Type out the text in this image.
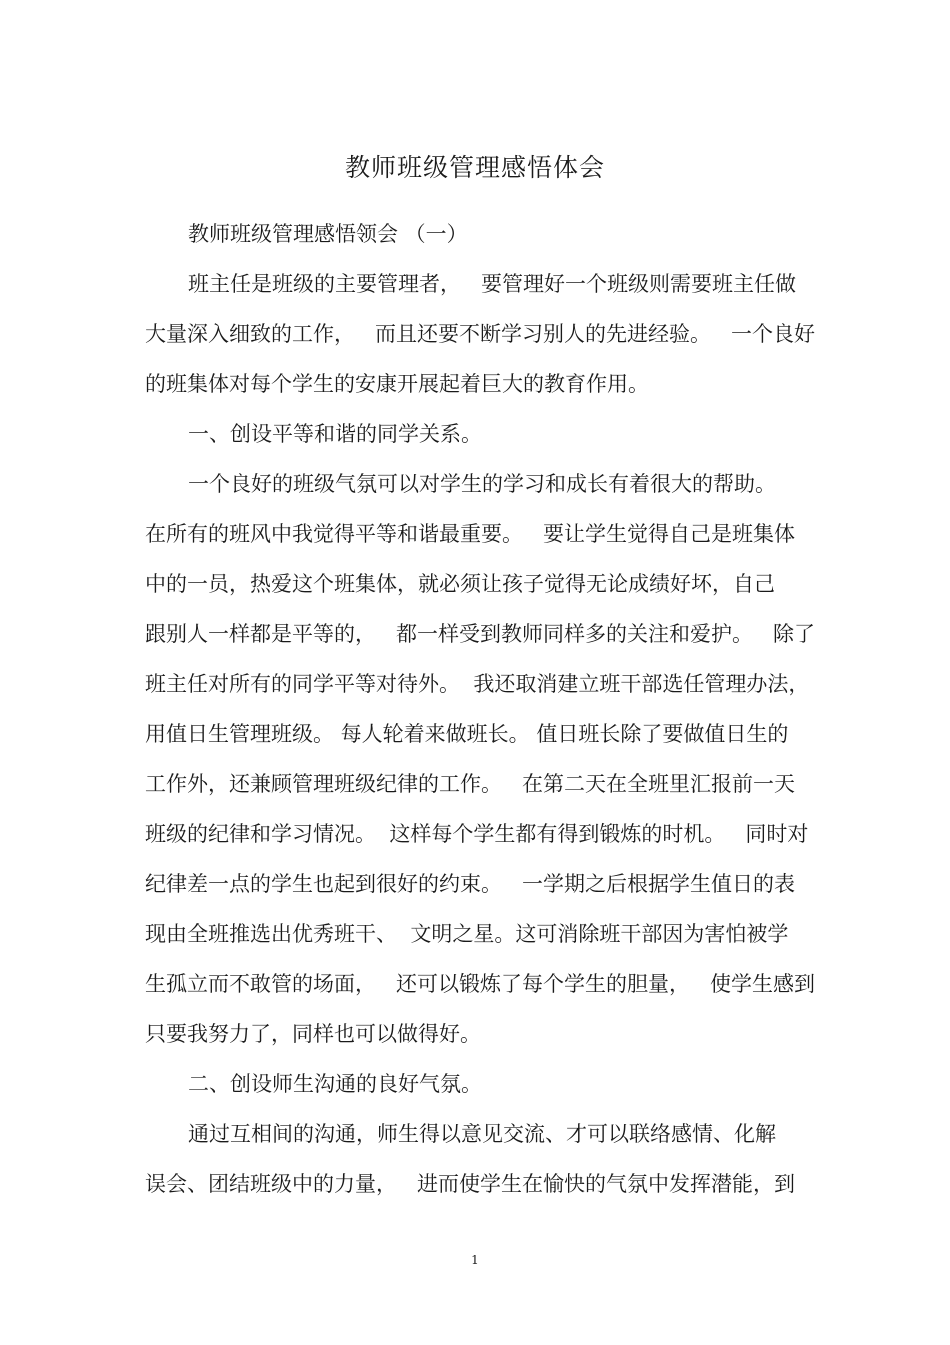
教师班级管理感悟体会
教师班级管理感悟领会 （一）
班主任是班级的主要管理者，   要管理好一个班级则需要班主任做
大量深入细致的工作，   而且还要不断学习别人的先进经验。   一个良好
的班集体对每个学生的安康开展起着巨大的教育作用。
一、创设平等和谐的同学关系。
一个良好的班级气氛可以对学生的学习和成长有着很大的帮助。
在所有的班风中我觉得平等和谐最重要。   要让学生觉得自己是班集体
中的一员，热爱这个班集体，就必须让孩子觉得无论成绩好坏，自己
跟别人一样都是平等的，   都一样受到教师同样多的关注和爱护。   除了
班主任对所有的同学平等对待外。  我还取消建立班干部选任管理办法，
用值日生管理班级。 每人轮着来做班长。 值日班长除了要做值日生的
工作外，还兼顾管理班级纪律的工作。   在第二天在全班里汇报前一天
班级的纪律和学习情况。  这样每个学生都有得到锻炼的时机。   同时对
纪律差一点的学生也起到很好的约束。   一学期之后根据学生值日的表
现由全班推选出优秀班干、  文明之星。这可消除班干部因为害怕被学
生孤立而不敢管的场面，   还可以锻炼了每个学生的胆量，   使学生感到
只要我努力了，同样也可以做得好。
二、创设师生沟通的良好气氛。
通过互相间的沟通，师生得以意见交流、才可以联络感情、化解
误会、团结班级中的力量，   进而使学生在愉快的气氛中发挥潜能，到
1
